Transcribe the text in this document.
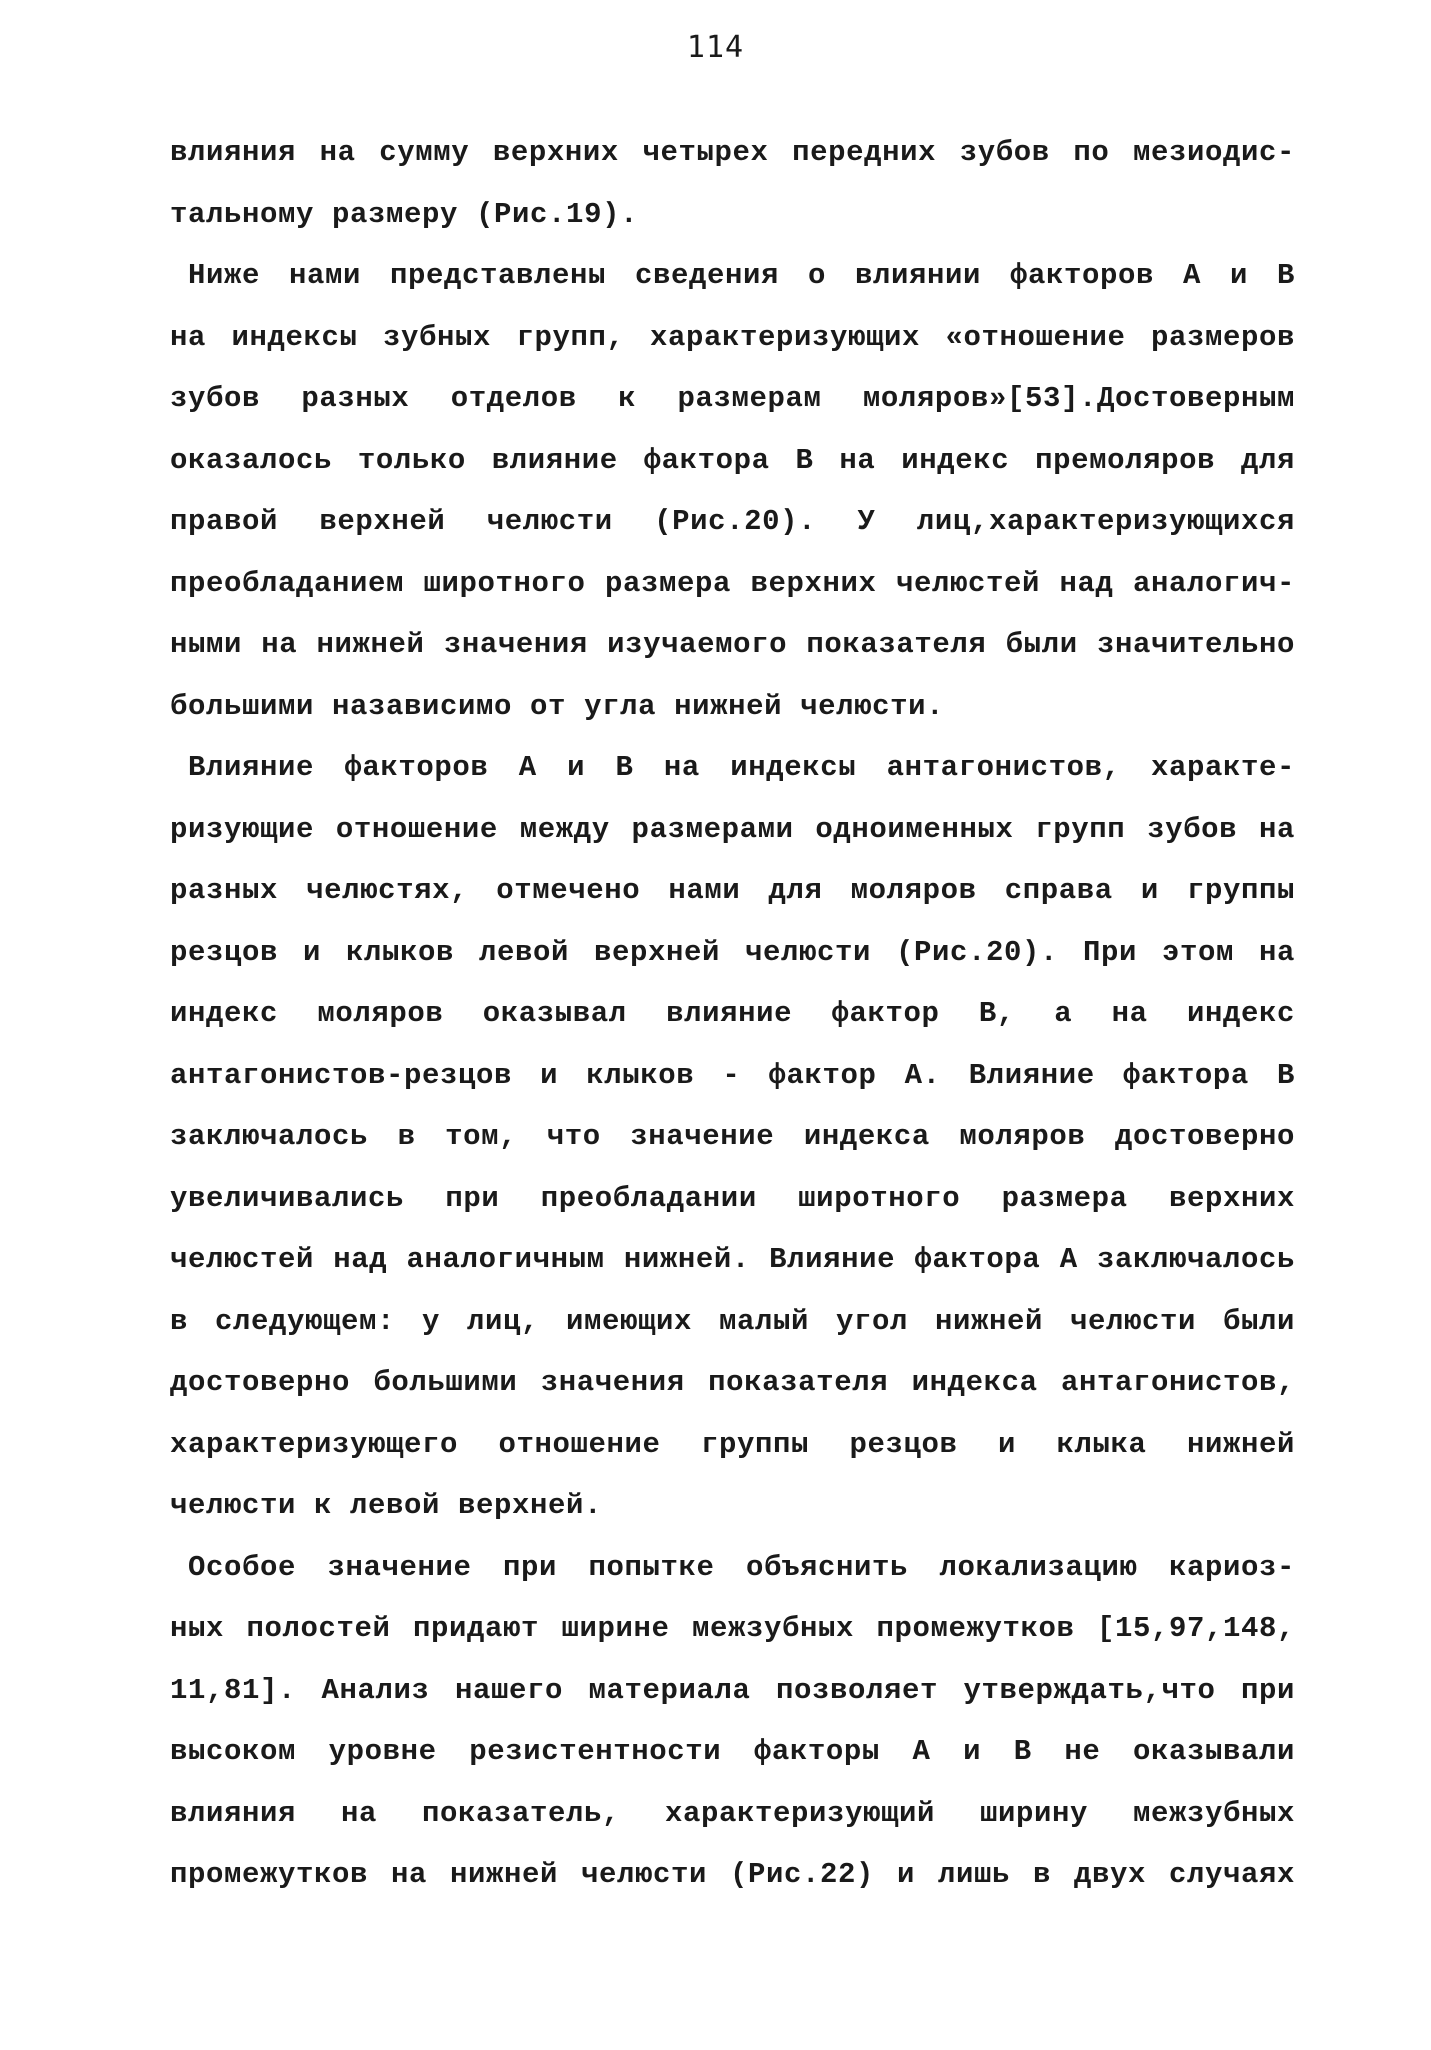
114
влияния на сумму верхних четырех передних зубов по мезиодис-
тальному размеру (Рис.19).
Ниже нами представлены сведения о влиянии факторов А и В
на индексы зубных групп, характеризующих «отношение размеров
зубов разных отделов к размерам моляров»[53].Достоверным
оказалось только влияние фактора В на индекс премоляров для
правой верхней челюсти (Рис.20). У лиц,характеризующихся
преобладанием широтного размера верхних челюстей над аналогич-
ными на нижней значения изучаемого показателя были значительно
большими назависимо от угла нижней челюсти.
Влияние факторов А и В на индексы антагонистов, характе-
ризующие отношение между размерами одноименных групп зубов на
разных челюстях, отмечено нами для моляров справа и группы
резцов и клыков левой верхней челюсти (Рис.20). При этом на
индекс моляров оказывал влияние фактор В, а на индекс
антагонистов-резцов и клыков - фактор А. Влияние фактора В
заключалось в том, что значение индекса моляров достоверно
увеличивались при преобладании широтного размера верхних
челюстей над аналогичным нижней. Влияние фактора А заключалось
в следующем: у лиц, имеющих малый угол нижней челюсти были
достоверно большими значения показателя индекса антагонистов,
характеризующего отношение группы резцов и клыка нижней
челюсти к левой верхней.
Особое значение при попытке объяснить локализацию кариоз-
ных полостей придают ширине межзубных промежутков [15,97,148,
11,81]. Анализ нашего материала позволяет утверждать,что при
высоком уровне резистентности факторы А и В не оказывали
влияния на показатель, характеризующий ширину межзубных
промежутков на нижней челюсти (Рис.22) и лишь в двух случаях
